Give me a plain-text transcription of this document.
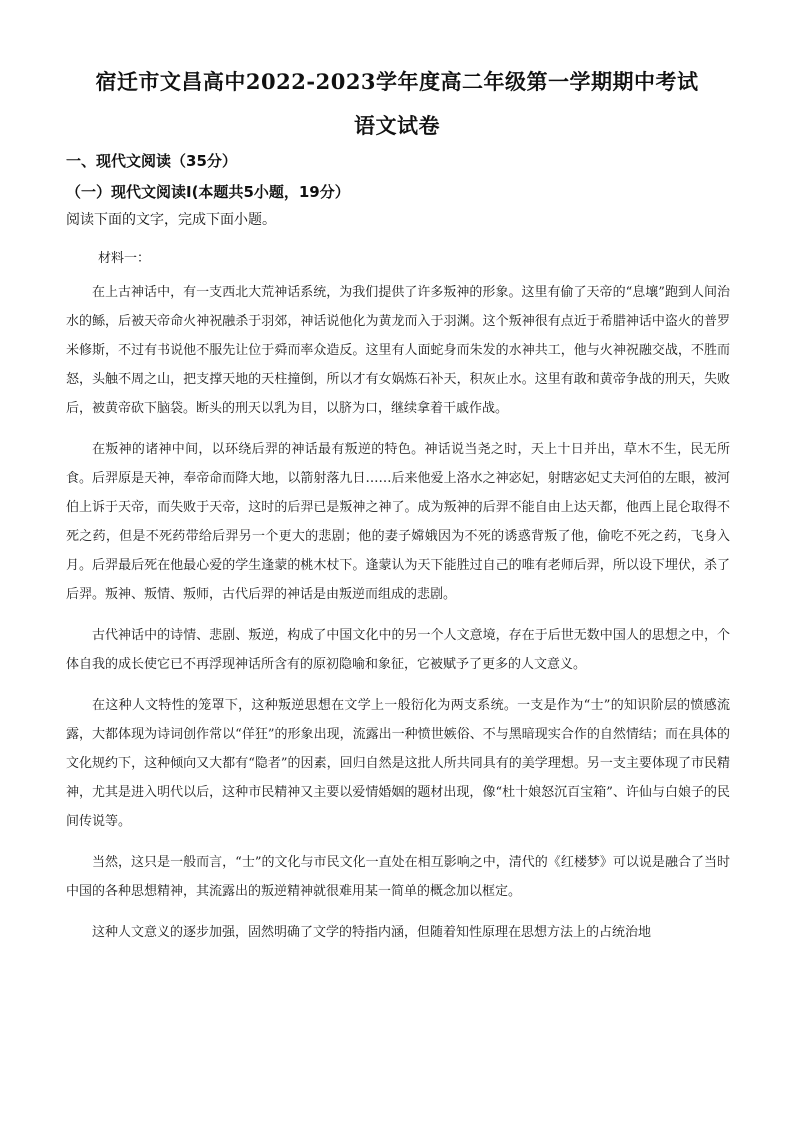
宿迁市文昌高中2022-2023学年度高二年级第一学期期中考试
语文试卷
一、现代文阅读（35分）
（一）现代文阅读Ⅰ(本题共5小题，19分）
阅读下面的文字，完成下面小题。
材料一：

在上古神话中，有一支西北大荒神话系统，为我们提供了许多叛神的形象。这里有偷了天帝的“息壤”跑到人间治水的鲧，后被天帝命火神祝融杀于羽郊，神话说他化为黄龙而入于羽渊。这个叛神很有点近于希腊神话中盗火的普罗米修斯，不过有书说他不服先让位于舜而率众造反。这里有人面蛇身而朱发的水神共工，他与火神祝融交战，不胜而怒，头触不周之山，把支撑天地的天柱撞倒，所以才有女娲炼石补天，积灰止水。这里有敢和黄帝争战的刑天，失败后，被黄帝砍下脑袋。断头的刑天以乳为目，以脐为口，继续拿着干戚作战。

在叛神的诸神中间，以环绕后羿的神话最有叛逆的特色。神话说当尧之时，天上十日并出，草木不生，民无所食。后羿原是天神，奉帝命而降大地，以箭射落九日……后来他爱上洛水之神宓妃，射瞎宓妃丈夫河伯的左眼，被河伯上诉于天帝，而失败于天帝，这时的后羿已是叛神之神了。成为叛神的后羿不能自由上达天都，他西上昆仑取得不死之药，但是不死药带给后羿另一个更大的悲剧；他的妻子嫦娥因为不死的诱惑背叛了他，偷吃不死之药，飞身入月。后羿最后死在他最心爱的学生逢蒙的桃木杖下。逢蒙认为天下能胜过自己的唯有老师后羿，所以设下埋伏，杀了后羿。叛神、叛情、叛师，古代后羿的神话是由叛逆而组成的悲剧。

古代神话中的诗情、悲剧、叛逆，构成了中国文化中的另一个人文意境，存在于后世无数中国人的思想之中，个体自我的成长使它已不再浮现神话所含有的原初隐喻和象征，它被赋予了更多的人文意义。

在这种人文特性的笼罩下，这种叛逆思想在文学上一般衍化为两支系统。一支是作为“士”的知识阶层的愤感流露，大都体现为诗词创作常以“佯狂”的形象出现，流露出一种愤世嫉俗、不与黑暗现实合作的自然情结；而在具体的文化规约下，这种倾向又大都有“隐者”的因素，回归自然是这批人所共同具有的美学理想。另一支主要体现了市民精神，尤其是进入明代以后，这种市民精神又主要以爱情婚姻的题材出现，像“杜十娘怒沉百宝箱”、许仙与白娘子的民间传说等。

当然，这只是一般而言，“士”的文化与市民文化一直处在相互影响之中，清代的《红楼梦》可以说是融合了当时中国的各种思想精神，其流露出的叛逆精神就很难用某一简单的概念加以框定。

这种人文意义的逐步加强，固然明确了文学的特指内涵，但随着知性原理在思想方法上的占统治地
